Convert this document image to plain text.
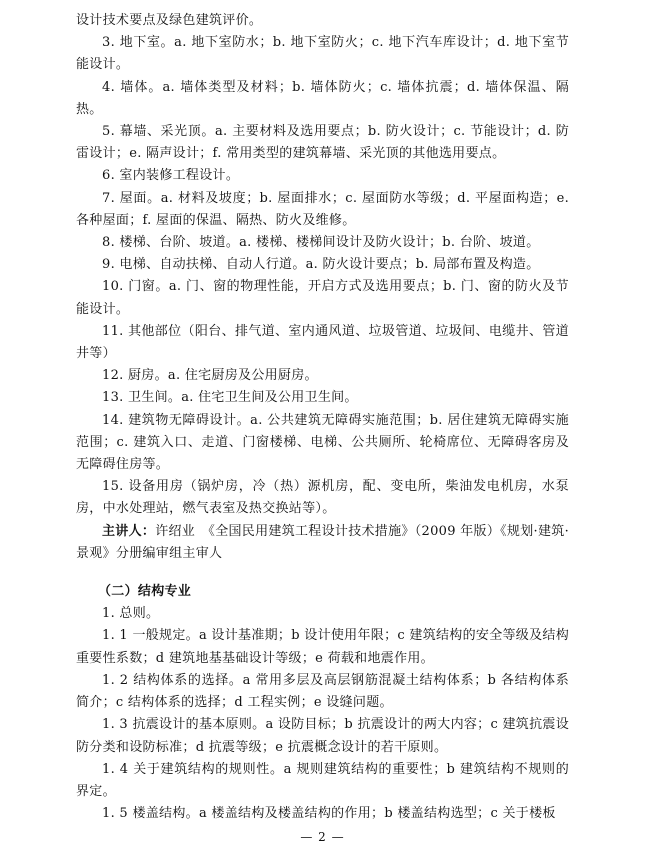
设计技术要点及绿色建筑评价。

3. 地下室。a. 地下室防水；b. 地下室防火；c. 地下汽车库设计；d. 地下室节能设计。

4. 墙体。a. 墙体类型及材料；b. 墙体防火；c. 墙体抗震；d. 墙体保温、隔热。

5. 幕墙、采光顶。a. 主要材料及选用要点；b. 防火设计；c. 节能设计；d. 防雷设计；e. 隔声设计；f. 常用类型的建筑幕墙、采光顶的其他选用要点。

6. 室内装修工程设计。

7. 屋面。a. 材料及坡度；b. 屋面排水；c. 屋面防水等级；d. 平屋面构造；e. 各种屋面；f. 屋面的保温、隔热、防火及维修。

8. 楼梯、台阶、坡道。a. 楼梯、楼梯间设计及防火设计；b. 台阶、坡道。

9. 电梯、自动扶梯、自动人行道。a. 防火设计要点；b. 局部布置及构造。

10. 门窗。a. 门、窗的物理性能，开启方式及选用要点；b. 门、窗的防火及节能设计。

11. 其他部位（阳台、排气道、室内通风道、垃圾管道、垃圾间、电缆井、管道井等）

12. 厨房。a. 住宅厨房及公用厨房。

13. 卫生间。a. 住宅卫生间及公用卫生间。

14. 建筑物无障碍设计。a. 公共建筑无障碍实施范围；b. 居住建筑无障碍实施范围；c. 建筑入口、走道、门窗楼梯、电梯、公共厕所、轮椅席位、无障碍客房及无障碍住房等。

15. 设备用房（锅炉房，冷（热）源机房，配、变电所，柴油发电机房，水泵房，中水处理站，燃气表室及热交换站等）。

主讲人：许绍业　《全国民用建筑工程设计技术措施》（2009 年版）《规划·建筑·景观》分册编审组主审人

（二）结构专业

1. 总则。

1. 1 一般规定。a 设计基准期；b 设计使用年限；c 建筑结构的安全等级及结构重要性系数；d 建筑地基基础设计等级；e 荷载和地震作用。

1. 2 结构体系的选择。a 常用多层及高层钢筋混凝土结构体系；b 各结构体系简介；c 结构体系的选择；d 工程实例；e 设缝问题。

1. 3 抗震设计的基本原则。a 设防目标；b 抗震设计的两大内容；c 建筑抗震设防分类和设防标准；d 抗震等级；e 抗震概念设计的若干原则。

1. 4 关于建筑结构的规则性。a 规则建筑结构的重要性；b 建筑结构不规则的界定。

1. 5 楼盖结构。a 楼盖结构及楼盖结构的作用；b 楼盖结构选型；c 关于楼板

— 2 —
